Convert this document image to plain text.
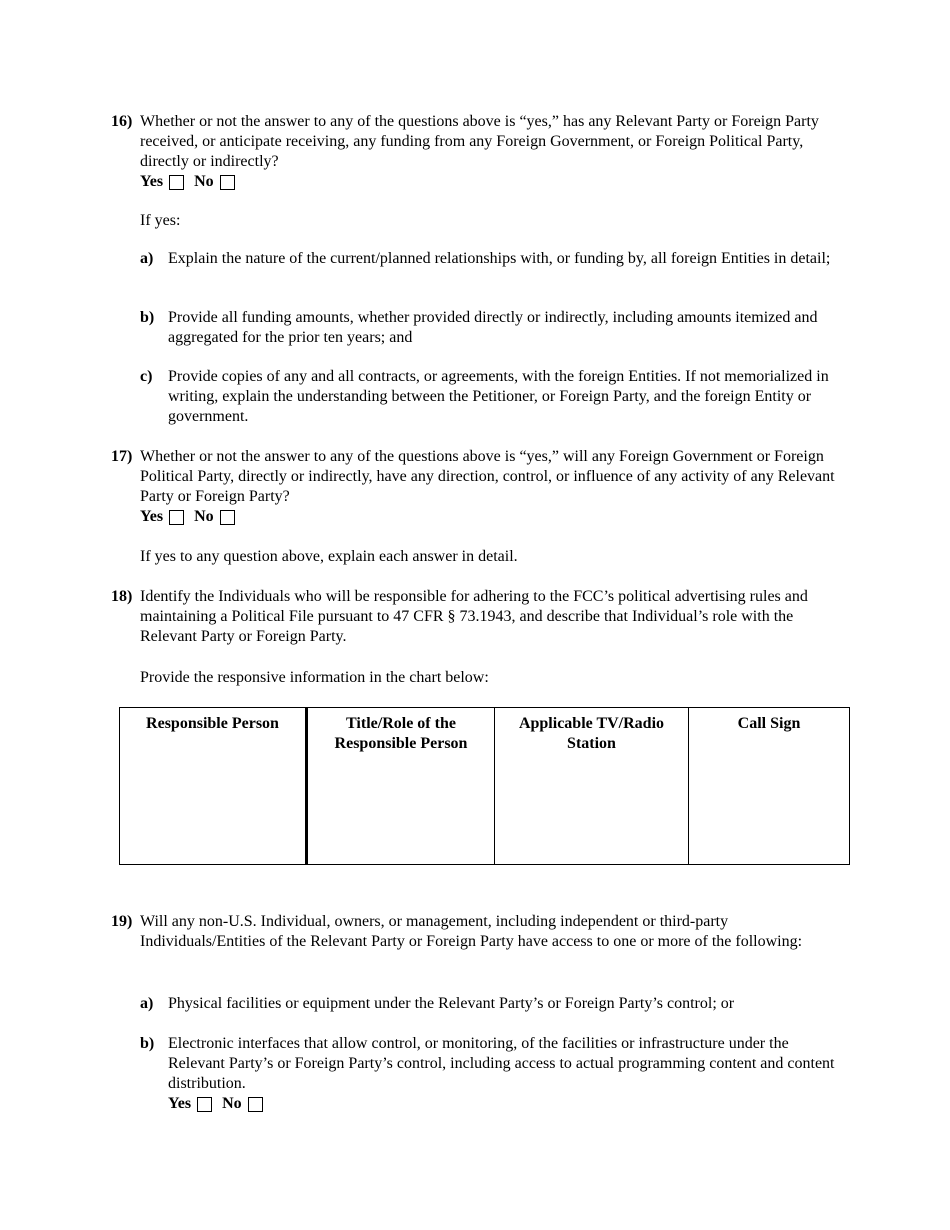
16) Whether or not the answer to any of the questions above is “yes,” has any Relevant Party or Foreign Party received, or anticipate receiving, any funding from any Foreign Government, or Foreign Political Party, directly or indirectly?
Yes No
If yes:
a) Explain the nature of the current/planned relationships with, or funding by, all foreign Entities in detail;
b) Provide all funding amounts, whether provided directly or indirectly, including amounts itemized and aggregated for the prior ten years; and
c) Provide copies of any and all contracts, or agreements, with the foreign Entities. If not memorialized in writing, explain the understanding between the Petitioner, or Foreign Party, and the foreign Entity or government.
17) Whether or not the answer to any of the questions above is “yes,” will any Foreign Government or Foreign Political Party, directly or indirectly, have any direction, control, or influence of any activity of any Relevant Party or Foreign Party?
Yes No
If yes to any question above, explain each answer in detail.
18) Identify the Individuals who will be responsible for adhering to the FCC’s political advertising rules and maintaining a Political File pursuant to 47 CFR § 73.1943, and describe that Individual’s role with the Relevant Party or Foreign Party.
Provide the responsive information in the chart below:
Responsible Person	Title/Role of the Responsible Person	Applicable TV/Radio Station	Call Sign
19) Will any non-U.S. Individual, owners, or management, including independent or third-party Individuals/Entities of the Relevant Party or Foreign Party have access to one or more of the following:
a) Physical facilities or equipment under the Relevant Party’s or Foreign Party’s control; or
b) Electronic interfaces that allow control, or monitoring, of the facilities or infrastructure under the Relevant Party’s or Foreign Party’s control, including access to actual programming content and content distribution.
Yes No
